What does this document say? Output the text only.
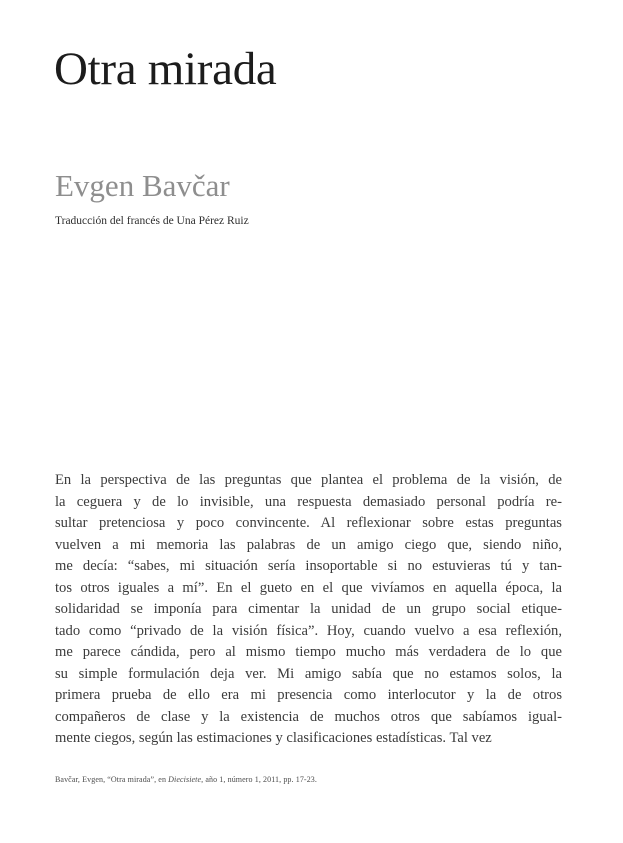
Otra mirada
Evgen Bavčar
Traducción del francés de Una Pérez Ruiz
En la perspectiva de las preguntas que plantea el problema de la visión, de
la ceguera y de lo invisible, una respuesta demasiado personal podría re-
sultar pretenciosa y poco convincente. Al reflexionar sobre estas preguntas
vuelven a mi memoria las palabras de un amigo ciego que, siendo niño,
me decía: “sabes, mi situación sería insoportable si no estuvieras tú y tan-
tos otros iguales a mí”. En el gueto en el que vivíamos en aquella época, la
solidaridad se imponía para cimentar la unidad de un grupo social etique-
tado como “privado de la visión física”. Hoy, cuando vuelvo a esa reflexión,
me parece cándida, pero al mismo tiempo mucho más verdadera de lo que
su simple formulación deja ver. Mi amigo sabía que no estamos solos, la
primera prueba de ello era mi presencia como interlocutor y la de otros
compañeros de clase y la existencia de muchos otros que sabíamos igual-
mente ciegos, según las estimaciones y clasificaciones estadísticas. Tal vez
Bavčar, Evgen, “Otra mirada”, en Diecisiete, año 1, número 1, 2011, pp. 17-23.
